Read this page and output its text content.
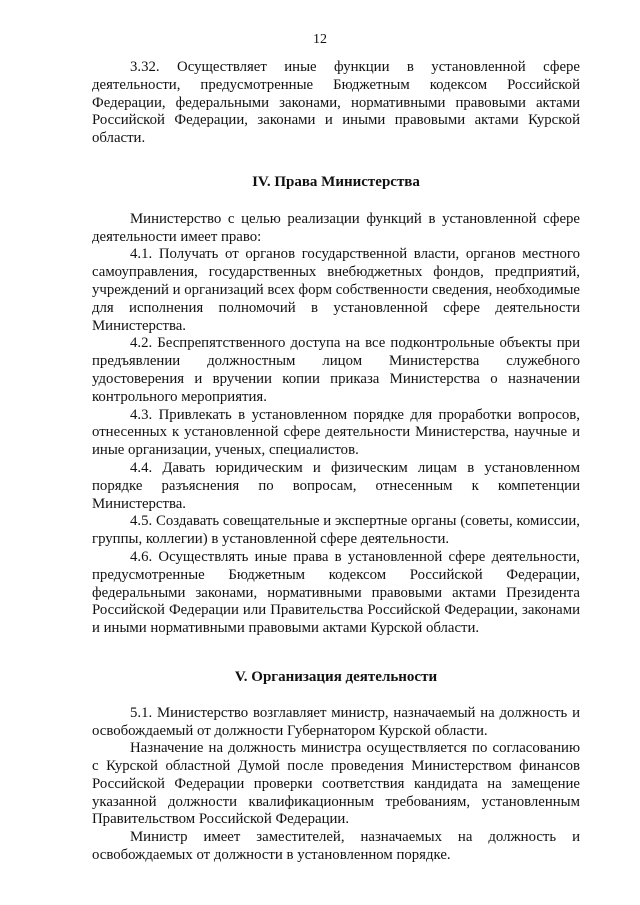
12

3.32. Осуществляет иные функции в установленной сфере деятельности, предусмотренные Бюджетным кодексом Российской Федерации, федеральными законами, нормативными правовыми актами Российской Федерации, законами и иными правовыми актами Курской области.

IV. Права Министерства

Министерство с целью реализации функций в установленной сфере деятельности имеет право:

4.1. Получать от органов государственной власти, органов местного самоуправления, государственных внебюджетных фондов, предприятий, учреждений и организаций всех форм собственности сведения, необходимые для исполнения полномочий в установленной сфере деятельности Министерства.

4.2. Беспрепятственного доступа на все подконтрольные объекты при предъявлении должностным лицом Министерства служебного удостоверения и вручении копии приказа Министерства о назначении контрольного мероприятия.

4.3. Привлекать в установленном порядке для проработки вопросов, отнесенных к установленной сфере деятельности Министерства, научные и иные организации, ученых, специалистов.

4.4. Давать юридическим и физическим лицам в установленном порядке разъяснения по вопросам, отнесенным к компетенции Министерства.

4.5. Создавать совещательные и экспертные органы (советы, комиссии, группы, коллегии) в установленной сфере деятельности.

4.6. Осуществлять иные права в установленной сфере деятельности, предусмотренные Бюджетным кодексом Российской Федерации, федеральными законами, нормативными правовыми актами Президента Российской Федерации или Правительства Российской Федерации, законами и иными нормативными правовыми актами Курской области.

V. Организация деятельности

5.1. Министерство возглавляет министр, назначаемый на должность и освобождаемый от должности Губернатором Курской области.

Назначение на должность министра осуществляется по согласованию с Курской областной Думой после проведения Министерством финансов Российской Федерации проверки соответствия кандидата на замещение указанной должности квалификационным требованиям, установленным Правительством Российской Федерации.

Министр имеет заместителей, назначаемых на должность и освобождаемых от должности в установленном порядке.
